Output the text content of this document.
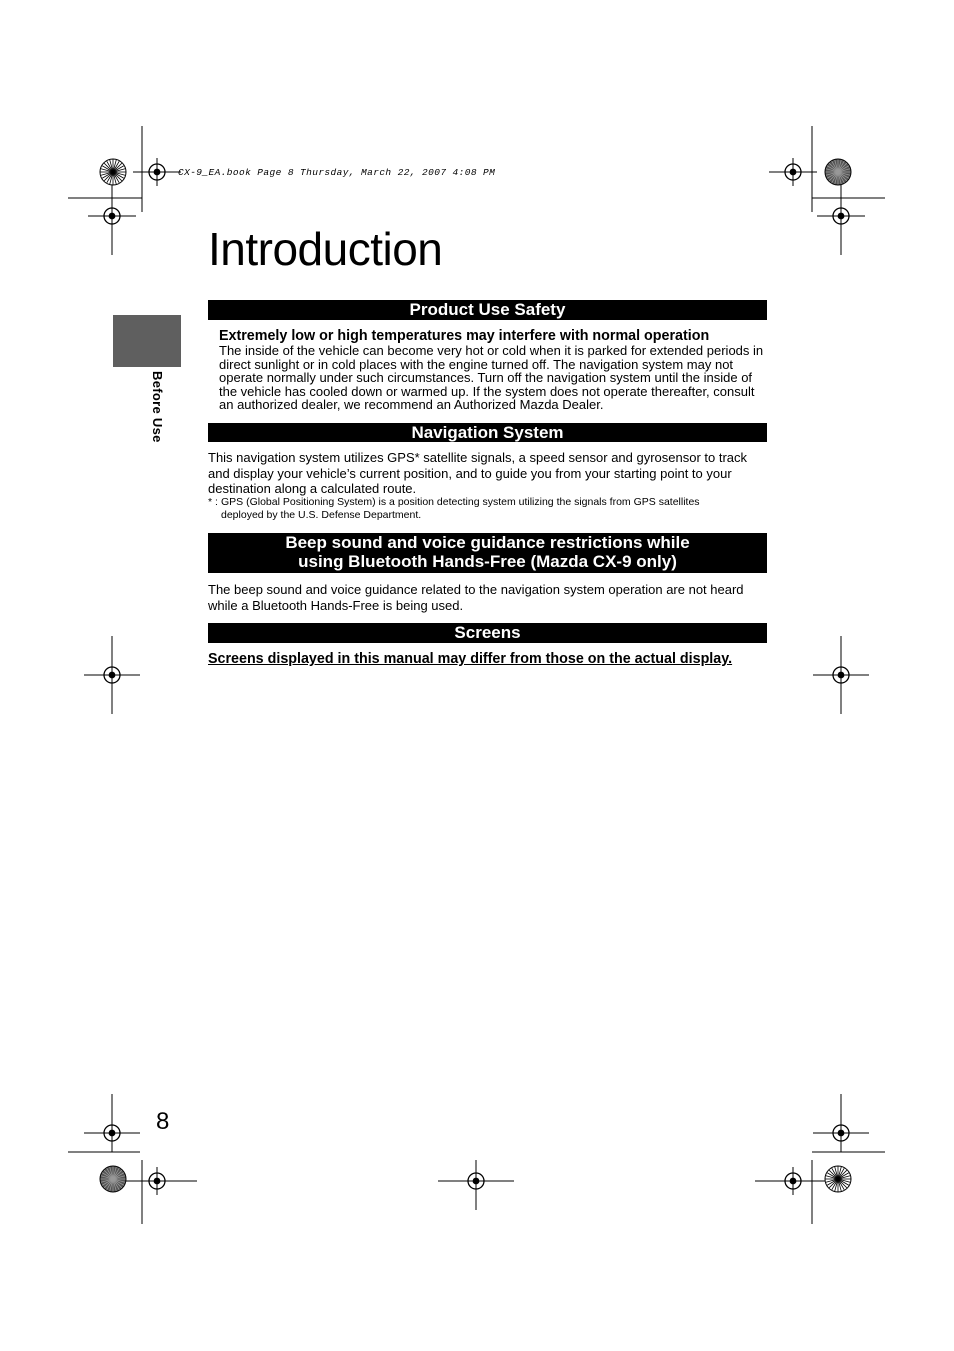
CX-9_EA.book Page 8 Thursday, March 22, 2007 4:08 PM
Introduction
Before Use
Product Use Safety
Extremely low or high temperatures may interfere with normal operation
The inside of the vehicle can become very hot or cold when it is parked for extended periods in direct sunlight or in cold places with the engine turned off. The navigation system may not operate normally under such circumstances. Turn off the navigation system until the inside of the vehicle has cooled down or warmed up. If the system does not operate thereafter, consult an authorized dealer, we recommend an Authorized Mazda Dealer.
Navigation System
This navigation system utilizes GPS* satellite signals, a speed sensor and gyrosensor to track and display your vehicle’s current position, and to guide you from your starting point to your destination along a calculated route.
* : GPS (Global Positioning System) is a position detecting system utilizing the signals from GPS satellites
deployed by the U.S. Defense Department.
Beep sound and voice guidance restrictions while
using Bluetooth Hands-Free (Mazda CX-9 only)
The beep sound and voice guidance related to the navigation system operation are not heard while a Bluetooth Hands-Free is being used.
Screens
Screens displayed in this manual may differ from those on the actual display.
8
